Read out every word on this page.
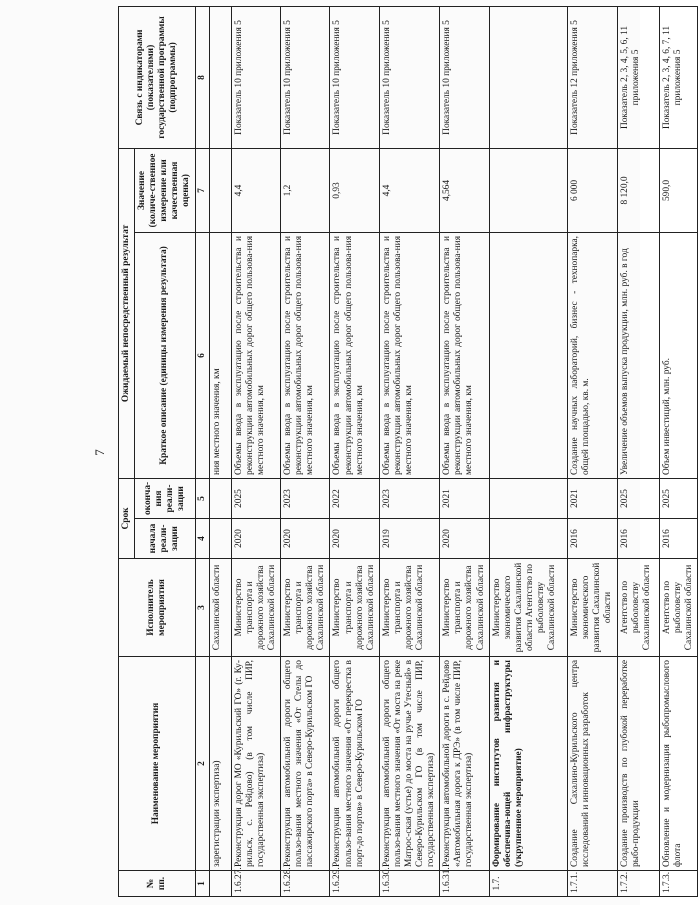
7
№ пп.	Наименование мероприятия	Исполнитель мероприятия	Срок		Ожидаемый непосредственный результат		Связь с индикаторами (показателями) государственной программы (подпрограммы)
			начала реали-зации	оконча-ния реали-зации	Краткое описание (единицы измерения результата)	Значение (количе-ственное измерение или качественная оценка)	

1	2	3	4	5	6	7	8
	зарегистрации экспертиза)	Сахалинской области			ния местного значения, км		
1.6.27.	Реконструкция дорог МО «Курильский ГО» (г. Ку-рильск, с. Рейдово) (в том числе ПИР, государственная экспертиза)	Министерство транспорта и дорожного хозяйства Сахалинской области	2020	2025	Объемы ввода в эксплуатацию после строительства и реконструкции автомобильных дорог общего пользова-ния местного значения, км	4,4	Показатель 10 приложения 5
1.6.28.	Реконструкция автомобильной дороги общего пользо-вания местного значения «От Стелы до пассажирского порта» в Северо-Курильском ГО	Министерство транспорта и дорожного хозяйства Сахалинской области	2020	2023	Объемы ввода в эксплуатацию после строительства и реконструкции автомобильных дорог общего пользова-ния местного значения, км	1,2	Показатель 10 приложения 5
1.6.29.	Реконструкция автомобильной дороги общего пользо-вания местного значения «От перекрестка в порт-до портов» в Северо-Курильском ГО	Министерство транспорта и дорожного хозяйства Сахалинской области	2020	2022	Объемы ввода в эксплуатацию после строительства и реконструкции автомобильных дорог общего пользова-ния местного значения, км	0,93	Показатель 10 приложения 5
1.6.30.	Реконструкция автомобильной дороги общего пользо-вания местного значения «От моста на реке Матрос-ская (устье) до моста на ручье Утесный» в Северо-Курильском ГО (в том числе ПИР, государственная экспертиза)	Министерство транспорта и дорожного хозяйства Сахалинской области	2019	2023	Объемы ввода в эксплуатацию после строительства и реконструкции автомобильных дорог общего пользова-ния местного значения, км	4,4	Показатель 10 приложения 5
1.6.31.	Реконструкция автомобильной дороги в с. Рейдово «Автомобильная дорога к ДРЭ» (в том числе ПИР, государственная экспертиза)	Министерство транспорта и дорожного хозяйства Сахалинской области	2020	2021	Объемы ввода в эксплуатацию после строительства и реконструкции автомобильных дорог общего пользова-ния местного значения, км	4,564	Показатель 10 приложения 5
1.7.	Формирование институтов развития и обеспечива-ющей инфраструктуры (укрупненное мероприятие)	Министерство экономического развития Сахалинской области Агентство по рыболовству Сахалинской области					
1.7.1.	Создание Сахалино-Курильского центра исследований и инновационных разработок	Министерство экономического развития Сахалинской области	2016	2021	Создание научных лабораторий, бизнес - технопарка, общей площадью, кв. м.	6 000	Показатель 12 приложения 5
1.7.2.	Создание производств по глубокой переработке рыбо-продукции	Агентство по рыболовству Сахалинской области	2016	2025	Увеличение объемов выпуска продукции, млн. руб. в год	8 120,0	Показатель 2, 3, 4, 5, 6, 11 приложения 5
1.7.3.	Обновление и модернизация рыбопромыслового флота	Агентство по рыболовству Сахалинской области	2016	2025	Объем инвестиций, млн. руб.	590,0	Показатель 2, 3, 4, 6, 7, 11 приложения 5
